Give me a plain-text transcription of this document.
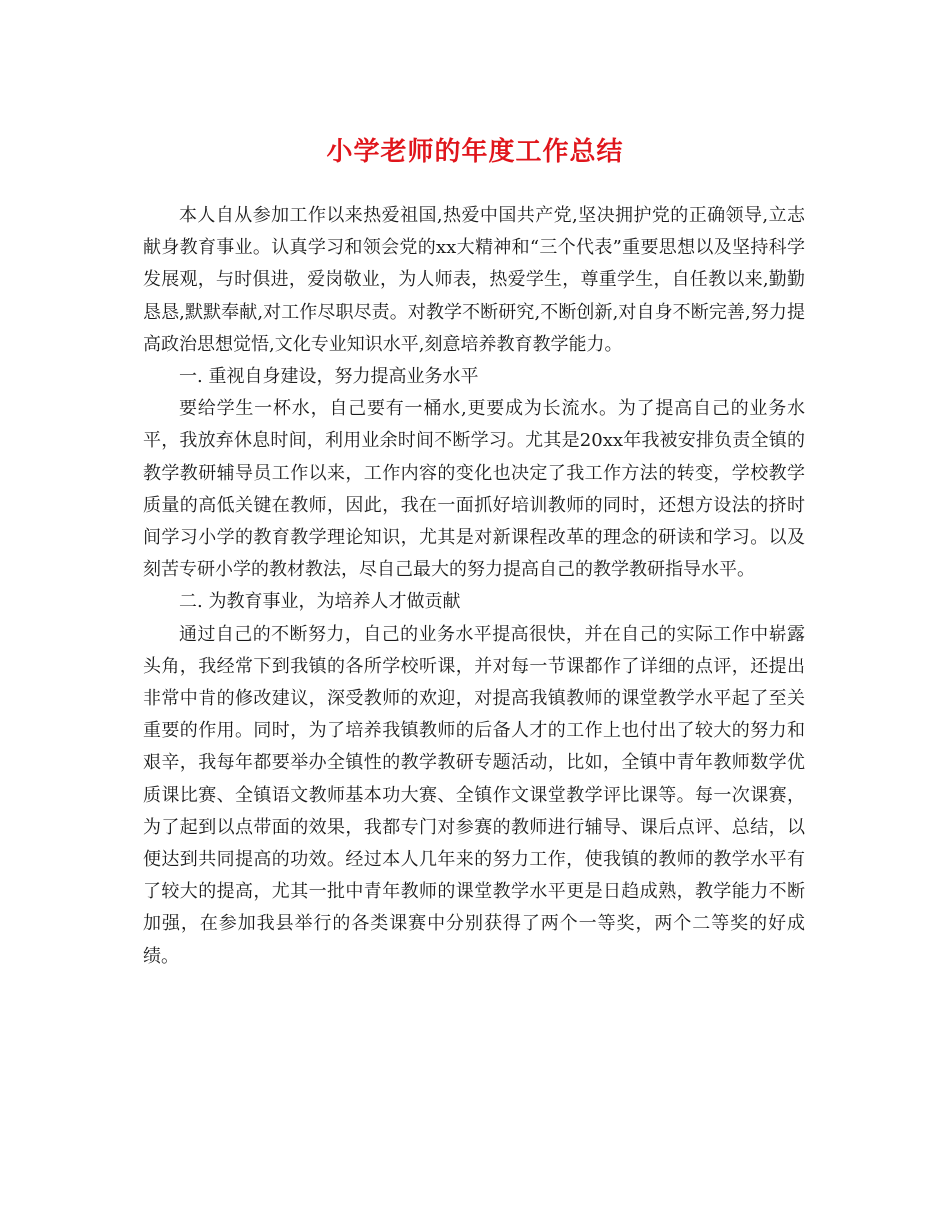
小学老师的年度工作总结

本人自从参加工作以来热爱祖国,热爱中国共产党,坚决拥护党的正确领导,立志献身教育事业。认真学习和领会党的xx大精神和“三个代表”重要思想以及坚持科学发展观，与时俱进，爱岗敬业，为人师表，热爱学生，尊重学生，自任教以来,勤勤恳恳,默默奉献,对工作尽职尽责。对教学不断研究,不断创新,对自身不断完善,努力提高政治思想觉悟,文化专业知识水平,刻意培养教育教学能力。

一. 重视自身建设，努力提高业务水平

要给学生一杯水，自己要有一桶水,更要成为长流水。为了提高自己的业务水平，我放弃休息时间，利用业余时间不断学习。尤其是20xx年我被安排负责全镇的教学教研辅导员工作以来，工作内容的变化也决定了我工作方法的转变，学校教学质量的高低关键在教师，因此，我在一面抓好培训教师的同时，还想方设法的挤时间学习小学的教育教学理论知识，尤其是对新课程改革的理念的研读和学习。以及刻苦专研小学的教材教法，尽自己最大的努力提高自己的教学教研指导水平。

二. 为教育事业，为培养人才做贡献

通过自己的不断努力，自己的业务水平提高很快，并在自己的实际工作中崭露头角，我经常下到我镇的各所学校听课，并对每一节课都作了详细的点评，还提出非常中肯的修改建议，深受教师的欢迎，对提高我镇教师的课堂教学水平起了至关重要的作用。同时，为了培养我镇教师的后备人才的工作上也付出了较大的努力和艰辛，我每年都要举办全镇性的教学教研专题活动，比如，全镇中青年教师数学优质课比赛、全镇语文教师基本功大赛、全镇作文课堂教学评比课等。每一次课赛，为了起到以点带面的效果，我都专门对参赛的教师进行辅导、课后点评、总结，以便达到共同提高的功效。经过本人几年来的努力工作，使我镇的教师的教学水平有了较大的提高，尤其一批中青年教师的课堂教学水平更是日趋成熟，教学能力不断加强，在参加我县举行的各类课赛中分别获得了两个一等奖，两个二等奖的好成绩。
